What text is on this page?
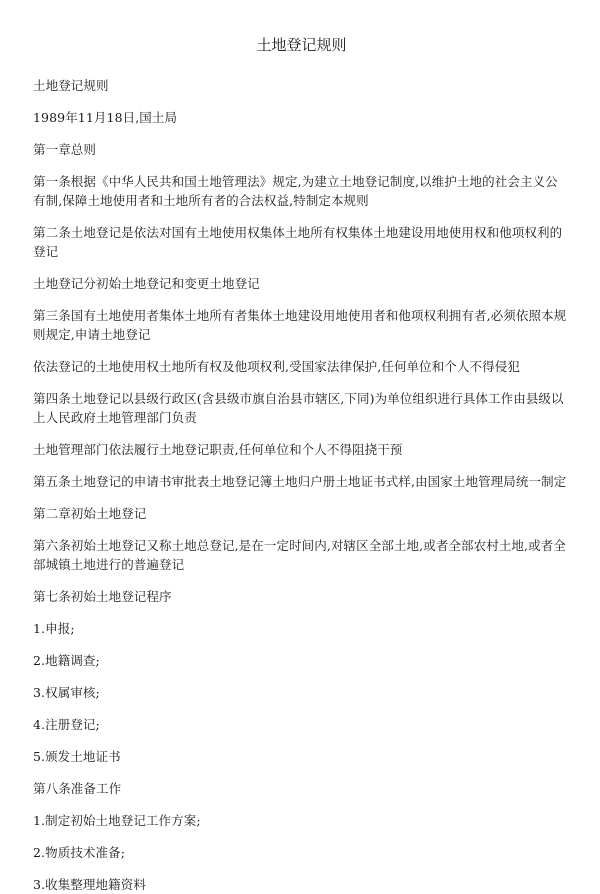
土地登记规则

土地登记规则

1989年11月18日,国土局

第一章总则

第一条根据《中华人民共和国土地管理法》规定,为建立土地登记制度,以维护土地的社会主义公有制,保障土地使用者和土地所有者的合法权益,特制定本规则

第二条土地登记是依法对国有土地使用权集体土地所有权集体土地建设用地使用权和他项权利的登记

土地登记分初始土地登记和变更土地登记

第三条国有土地使用者集体土地所有者集体土地建设用地使用者和他项权利拥有者,必须依照本规则规定,申请土地登记

依法登记的土地使用权土地所有权及他项权利,受国家法律保护,任何单位和个人不得侵犯

第四条土地登记以县级行政区(含县级市旗自治县市辖区,下同)为单位组织进行具体工作由县级以上人民政府土地管理部门负责

土地管理部门依法履行土地登记职责,任何单位和个人不得阻挠干预

第五条土地登记的申请书审批表土地登记簿土地归户册土地证书式样,由国家土地管理局统一制定

第二章初始土地登记

第六条初始土地登记又称土地总登记,是在一定时间内,对辖区全部土地,或者全部农村土地,或者全部城镇土地进行的普遍登记

第七条初始土地登记程序

1.申报;

2.地籍调查;

3.权属审核;

4.注册登记;

5.颁发土地证书

第八条准备工作

1.制定初始土地登记工作方案;

2.物质技术准备;

3.收集整理地籍资料
